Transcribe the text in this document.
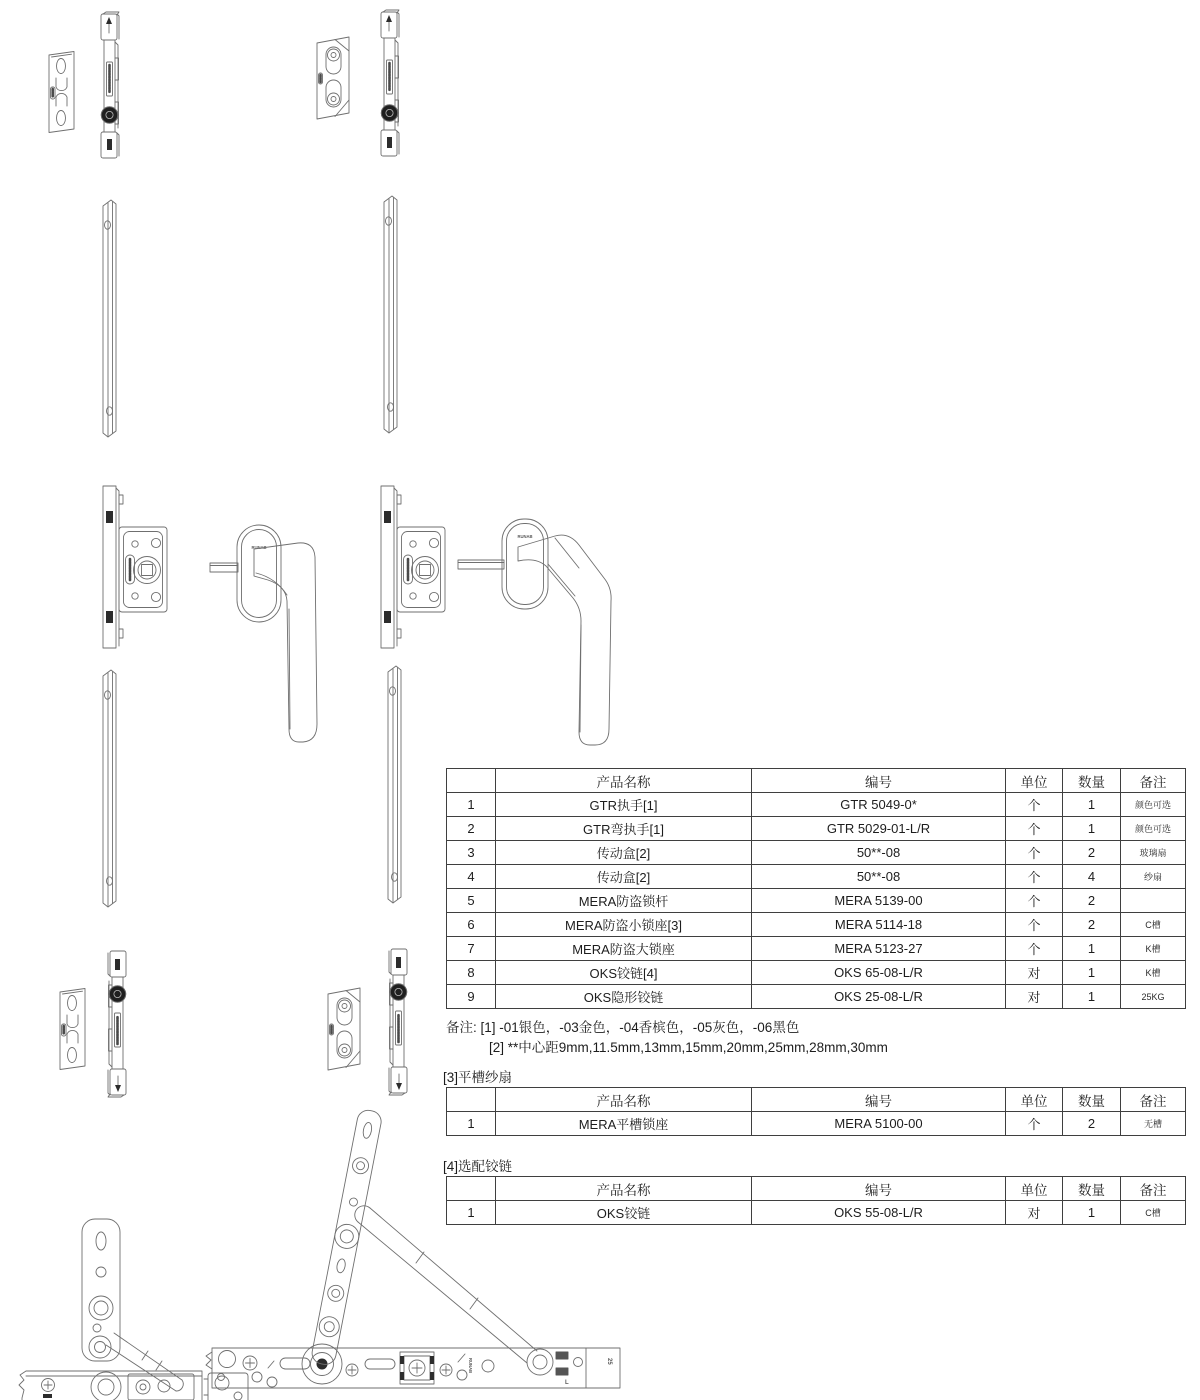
RUNAB
RUNAB
RUNAB
L
25
	产品名称	编号	单位	数量	备注
1	GTR执手[1]	GTR 5049-0*	个	1	颜色可选
2	GTR弯执手[1]	GTR 5029-01-L/R	个	1	颜色可选
3	传动盒[2]	50**-08	个	2	玻璃扇
4	传动盒[2]	50**-08	个	4	纱扇
5	MERA防盗锁杆	MERA 5139-00	个	2	
6	MERA防盗小锁座[3]	MERA 5114-18	个	2	C槽
7	MERA防盗大锁座	MERA 5123-27	个	1	K槽
8	OKS铰链[4]	OKS 65-08-L/R	对	1	K槽
9	OKS隐形铰链	OKS 25-08-L/R	对	1	25KG
备注: [1] -01银色，-03金色，-04香槟色，-05灰色，-06黑色
[2] **中心距9mm,11.5mm,13mm,15mm,20mm,25mm,28mm,30mm
[3]平槽纱扇
	产品名称	编号	单位	数量	备注
1	MERA平槽锁座	MERA 5100-00	个	2	无槽
[4]选配铰链
	产品名称	编号	单位	数量	备注
1	OKS铰链	OKS 55-08-L/R	对	1	C槽
